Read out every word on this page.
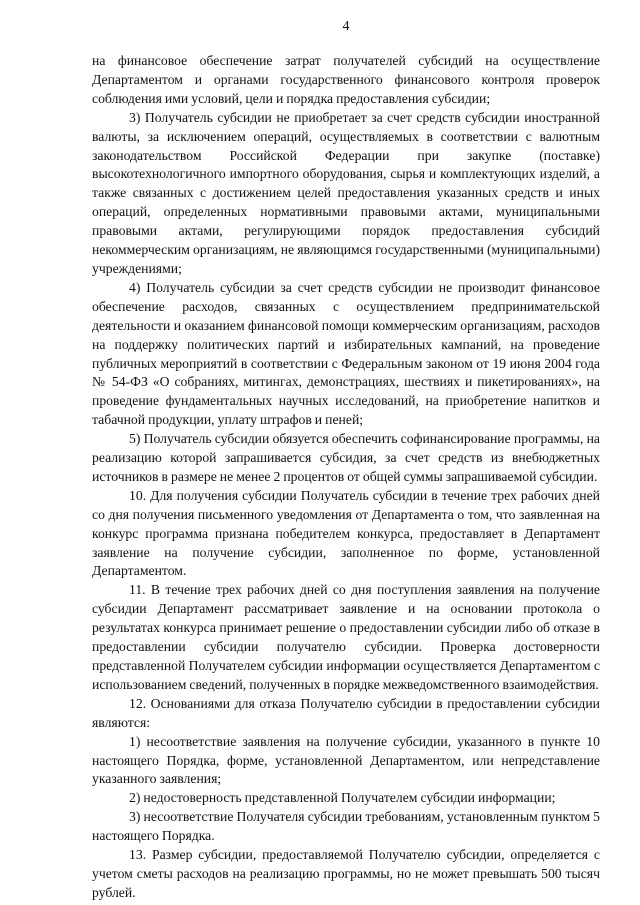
4

на финансовое обеспечение затрат получателей субсидий на осуществление Департаментом и органами государственного финансового контроля проверок соблюдения ими условий, цели и порядка предоставления субсидии;

3) Получатель субсидии не приобретает за счет средств субсидии иностранной валюты, за исключением операций, осуществляемых в соответствии с валютным законодательством Российской Федерации при закупке (поставке) высокотехнологичного импортного оборудования, сырья и комплектующих изделий, а также связанных с достижением целей предоставления указанных средств и иных операций, определенных нормативными правовыми актами, муниципальными правовыми актами, регулирующими порядок предоставления субсидий некоммерческим организациям, не являющимся государственными (муниципальными) учреждениями;

4) Получатель субсидии за счет средств субсидии не производит финансовое обеспечение расходов, связанных с осуществлением предпринимательской деятельности и оказанием финансовой помощи коммерческим организациям, расходов на поддержку политических партий и избирательных кампаний, на проведение публичных мероприятий в соответствии с Федеральным законом от 19 июня 2004 года № 54-ФЗ «О собраниях, митингах, демонстрациях, шествиях и пикетированиях», на проведение фундаментальных научных исследований, на приобретение напитков и табачной продукции, уплату штрафов и пеней;

5) Получатель субсидии обязуется обеспечить софинансирование программы, на реализацию которой запрашивается субсидия, за счет средств из внебюджетных источников в размере не менее 2 процентов от общей суммы запрашиваемой субсидии.

10. Для получения субсидии Получатель субсидии в течение трех рабочих дней со дня получения письменного уведомления от Департамента о том, что заявленная на конкурс программа признана победителем конкурса, предоставляет в Департамент заявление на получение субсидии, заполненное по форме, установленной Департаментом.

11. В течение трех рабочих дней со дня поступления заявления на получение субсидии Департамент рассматривает заявление и на основании протокола о результатах конкурса принимает решение о предоставлении субсидии либо об отказе в предоставлении субсидии получателю субсидии. Проверка достоверности представленной Получателем субсидии информации осуществляется Департаментом с использованием сведений, полученных в порядке межведомственного взаимодействия.

12. Основаниями для отказа Получателю субсидии в предоставлении субсидии являются:

1) несоответствие заявления на получение субсидии, указанного в пункте 10 настоящего Порядка, форме, установленной Департаментом, или непредставление указанного заявления;

2) недостоверность представленной Получателем субсидии информации;

3) несоответствие Получателя субсидии требованиям, установленным пунктом 5 настоящего Порядка.

13. Размер субсидии, предоставляемой Получателю субсидии, определяется с учетом сметы расходов на реализацию программы, но не может превышать 500 тысяч рублей.
